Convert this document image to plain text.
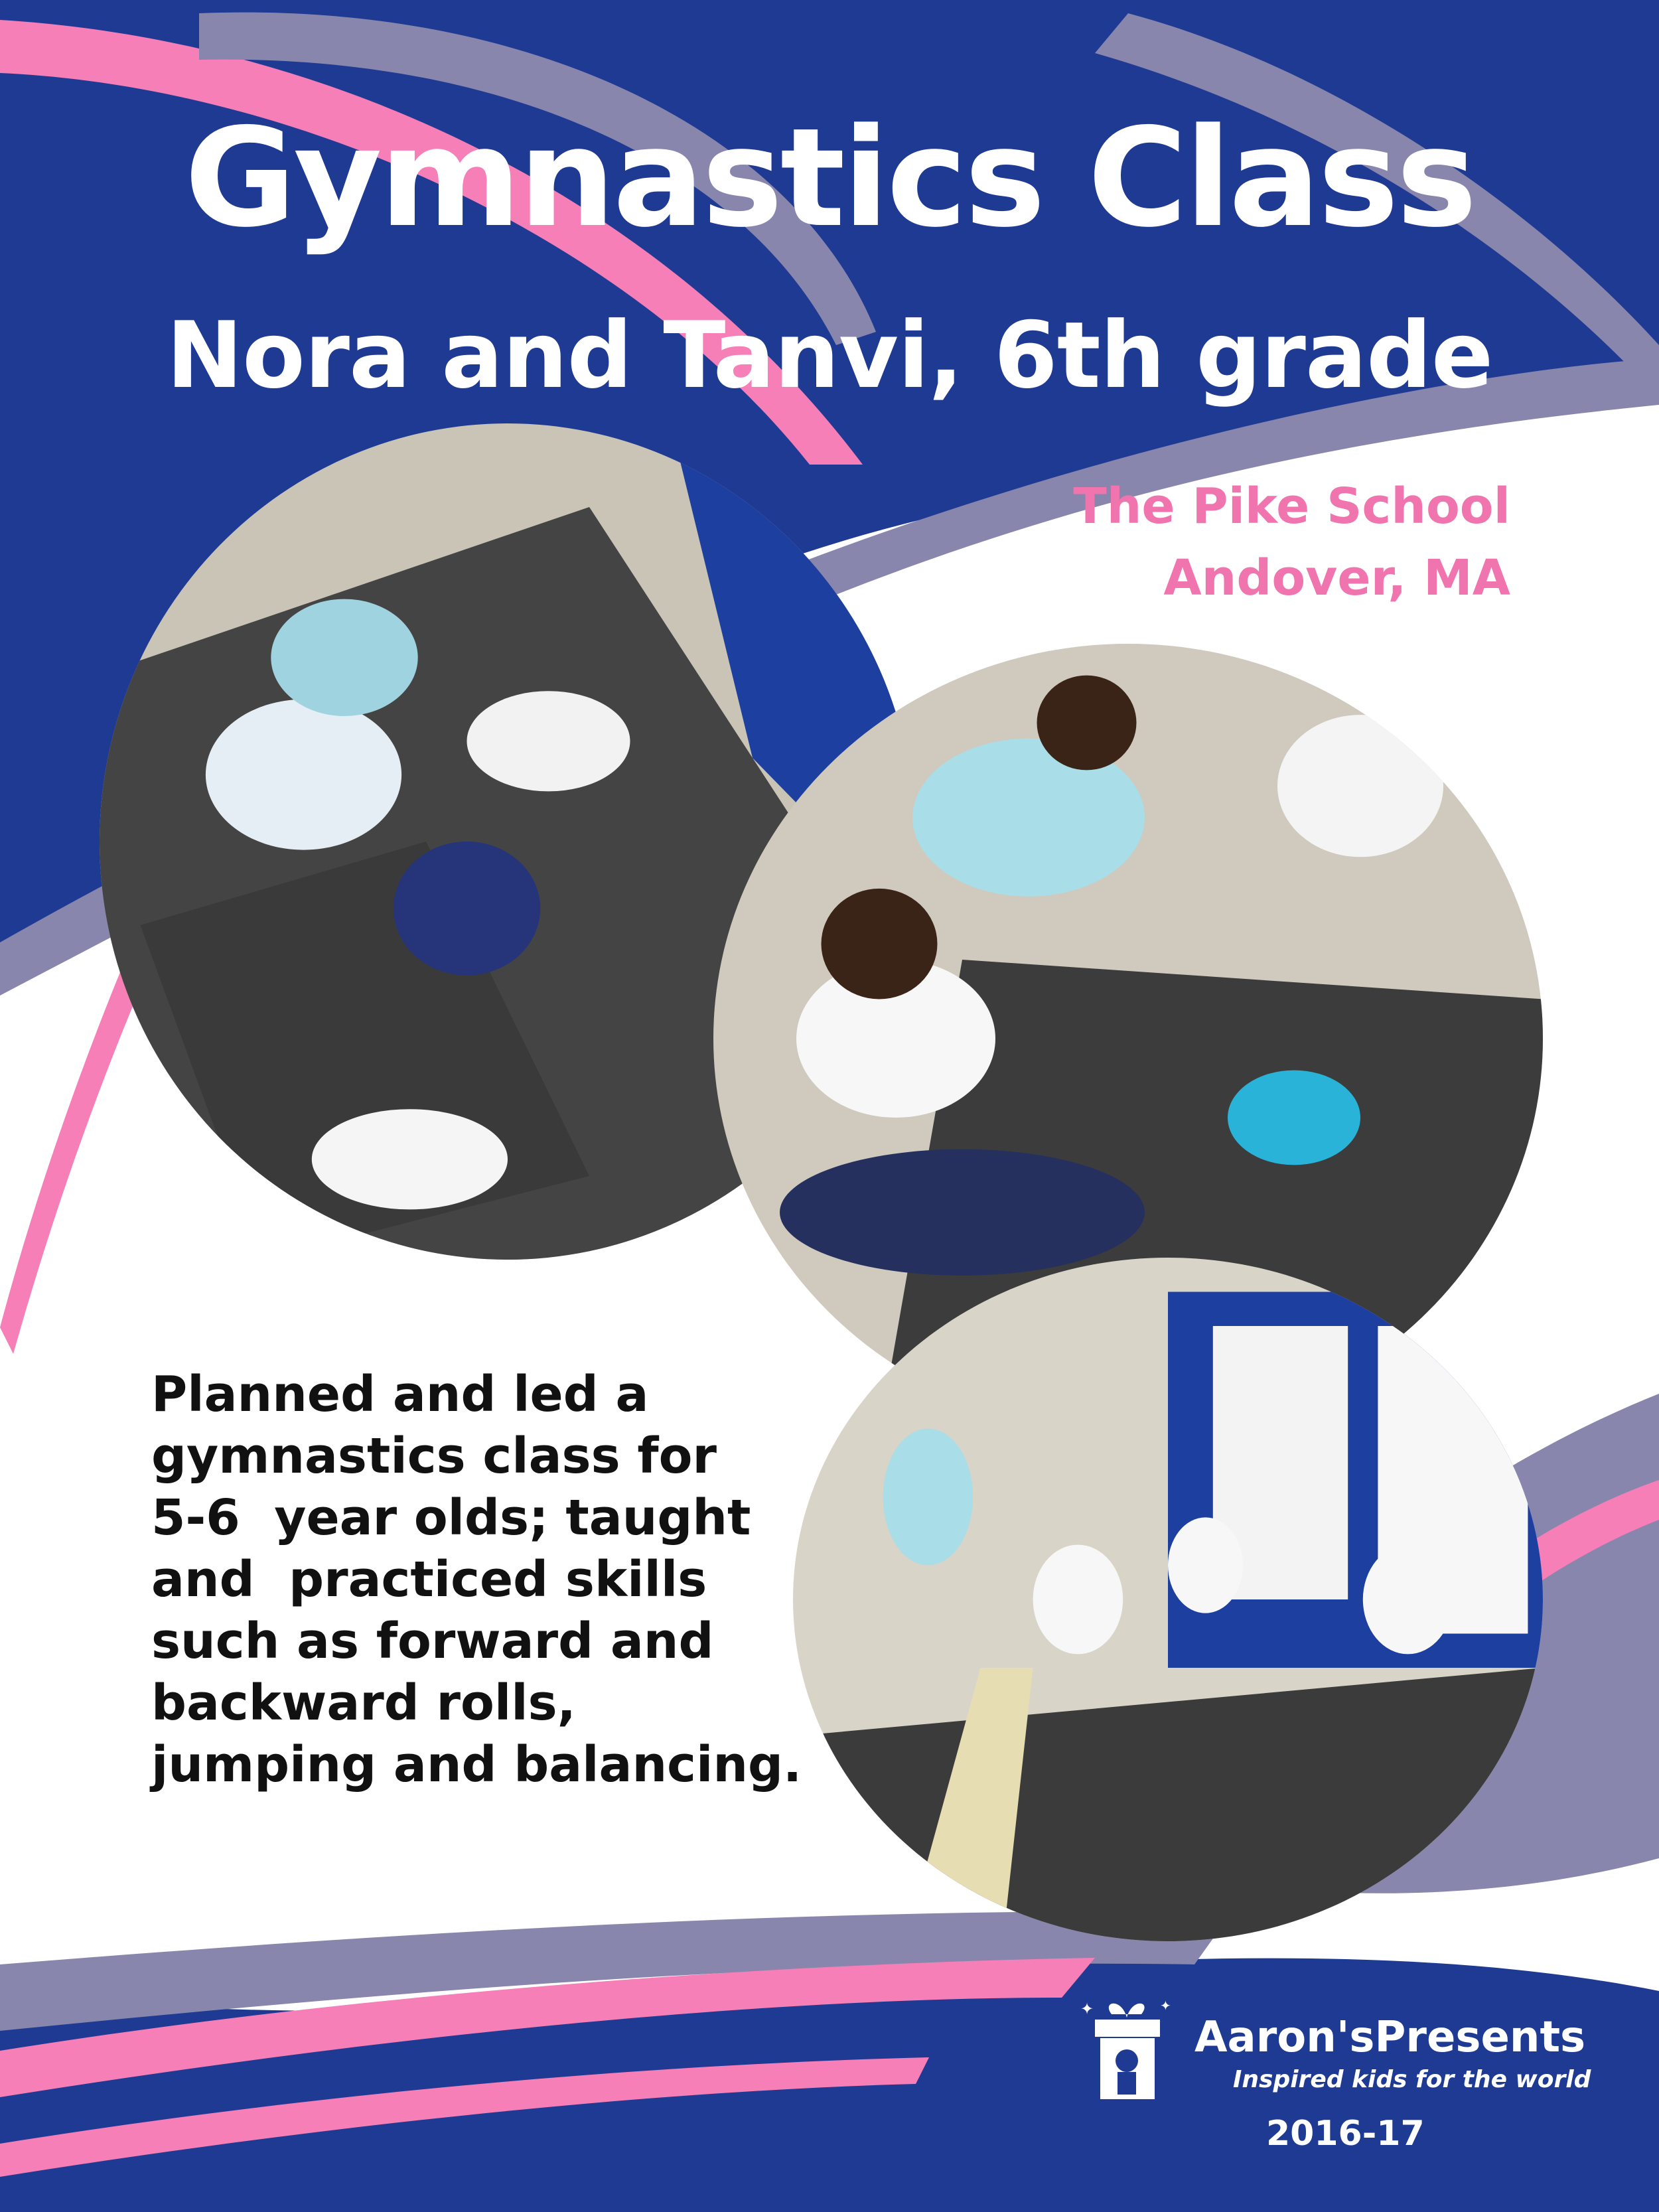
Gymnastics Class
Nora and Tanvi, 6th grade
The Pike School
Andover, MA
Planned and led a
gymnastics class for
5-6  year olds; taught
and  practiced skills
such as forward and
backward rolls,
jumping and balancing.
✦	✦
Aaron'sPresents
Inspired kids for the world
2016-17
